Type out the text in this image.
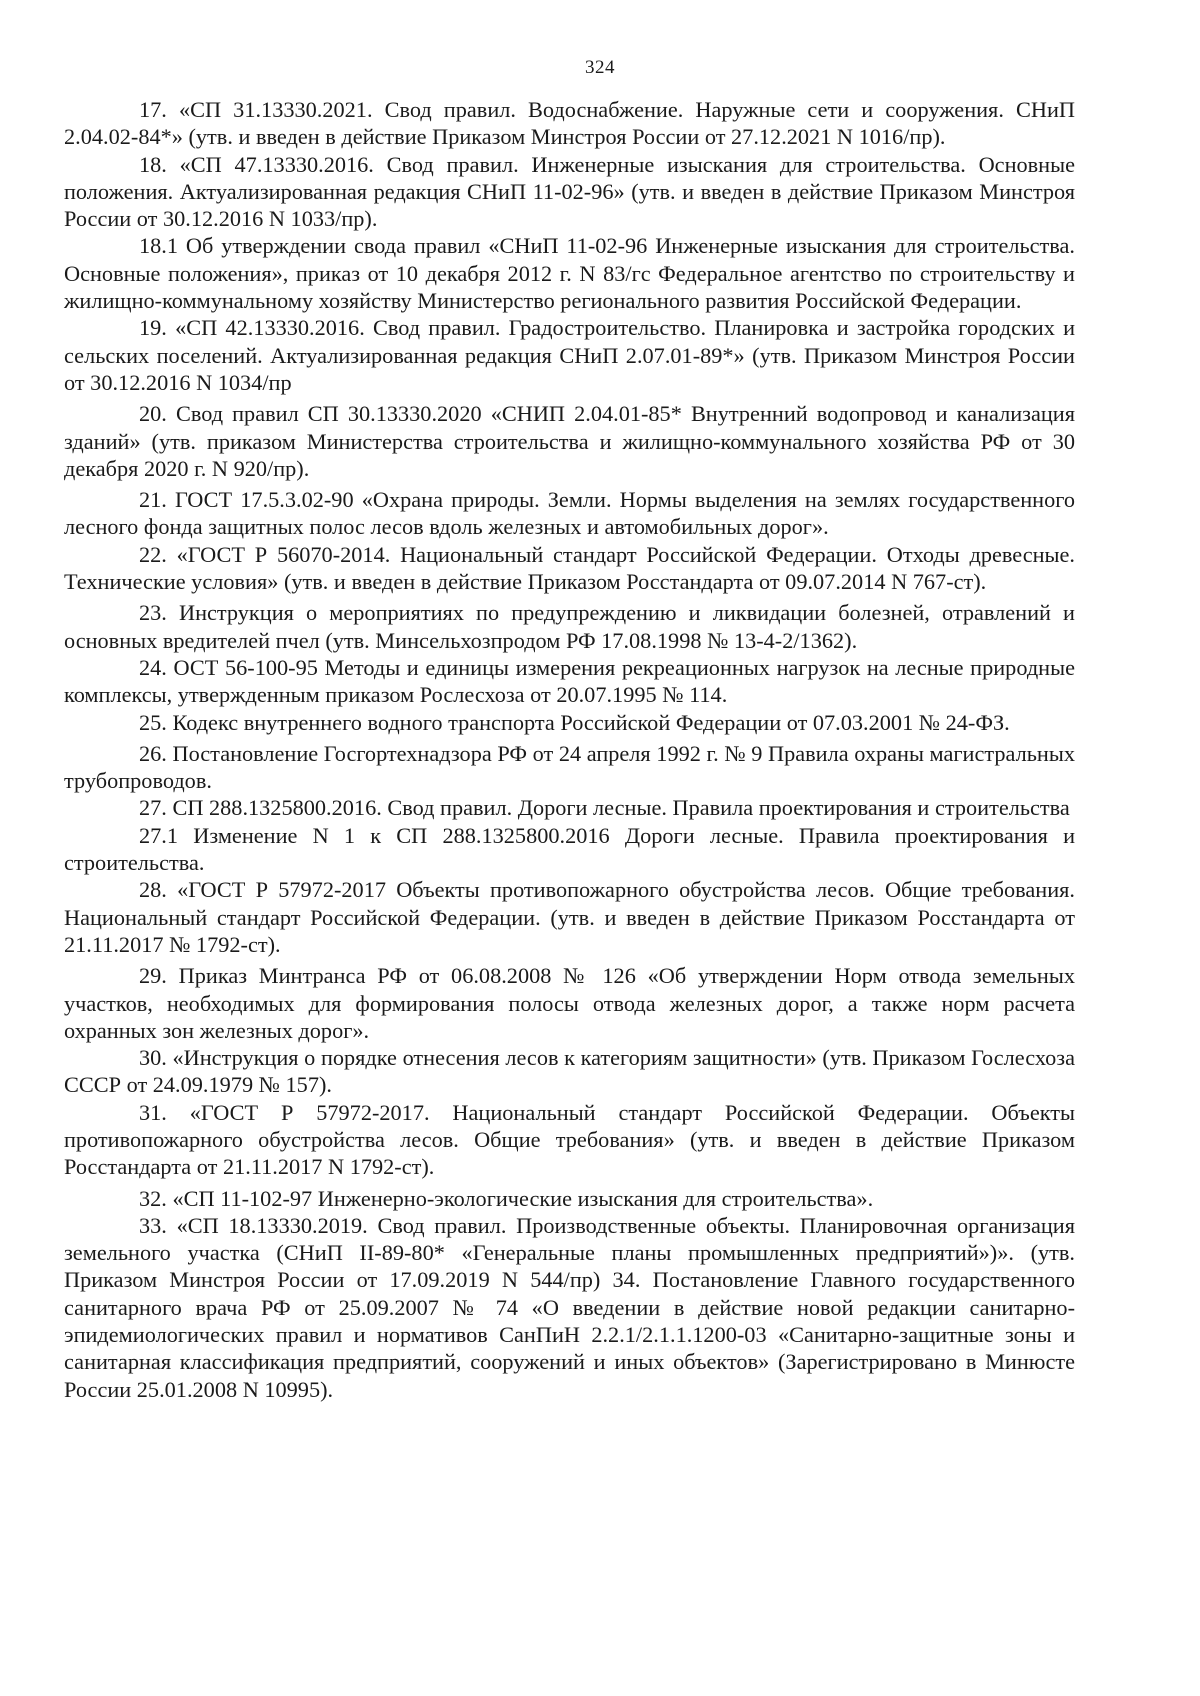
324

17. «СП 31.13330.2021. Свод правил. Водоснабжение. Наружные сети и сооружения. СНиП 2.04.02-84*» (утв. и введен в действие Приказом Минстроя России от 27.12.2021 N 1016/пр).

18. «СП 47.13330.2016. Свод правил. Инженерные изыскания для строительства. Основные положения. Актуализированная редакция СНиП 11-02-96» (утв. и введен в действие Приказом Минстроя России от 30.12.2016 N 1033/пр).

18.1 Об утверждении свода правил «СНиП 11-02-96 Инженерные изыскания для строительства. Основные положения», приказ от 10 декабря 2012 г. N 83/гс Федеральное агентство по строительству и жилищно-коммунальному хозяйству Министерство регионального развития Российской Федерации.

19. «СП 42.13330.2016. Свод правил. Градостроительство. Планировка и застройка городских и сельских поселений. Актуализированная редакция СНиП 2.07.01-89*» (утв. Приказом Минстроя России от 30.12.2016 N 1034/пр

20. Свод правил СП 30.13330.2020 «СНИП 2.04.01-85* Внутренний водопровод и канализация зданий» (утв. приказом Министерства строительства и жилищно-коммунального хозяйства РФ от 30 декабря 2020 г. N 920/пр).

21. ГОСТ 17.5.3.02-90 «Охрана природы. Земли. Нормы выделения на землях государственного лесного фонда защитных полос лесов вдоль железных и автомобильных дорог».

22. «ГОСТ Р 56070-2014. Национальный стандарт Российской Федерации. Отходы древесные. Технические условия» (утв. и введен в действие Приказом Росстандарта от 09.07.2014 N 767-ст).

23. Инструкция о мероприятиях по предупреждению и ликвидации болезней, отравлений и основных вредителей пчел (утв. Минсельхозпродом РФ 17.08.1998 № 13-4-2/1362).

24. ОСТ 56-100-95 Методы и единицы измерения рекреационных нагрузок на лесные природные комплексы, утвержденным приказом Рослесхоза от 20.07.1995 № 114.

25. Кодекс внутреннего водного транспорта Российской Федерации от 07.03.2001 № 24-ФЗ.

26. Постановление Госгортехнадзора РФ от 24 апреля 1992 г. № 9 Правила охраны магистральных трубопроводов.

27. СП 288.1325800.2016. Свод правил. Дороги лесные. Правила проектирования и строительства

27.1 Изменение N 1 к СП 288.1325800.2016 Дороги лесные. Правила проектирования и строительства.

28. «ГОСТ Р 57972-2017 Объекты противопожарного обустройства лесов. Общие требования. Национальный стандарт Российской Федерации. (утв. и введен в действие Приказом Росстандарта от 21.11.2017 № 1792-ст).

29. Приказ Минтранса РФ от 06.08.2008 № 126 «Об утверждении Норм отвода земельных участков, необходимых для формирования полосы отвода железных дорог, а также норм расчета охранных зон железных дорог».

30. «Инструкция о порядке отнесения лесов к категориям защитности» (утв. Приказом Гослесхоза СССР от 24.09.1979 № 157).

31. «ГОСТ Р 57972-2017. Национальный стандарт Российской Федерации. Объекты противопожарного обустройства лесов. Общие требования» (утв. и введен в действие Приказом Росстандарта от 21.11.2017 N 1792-ст).

32. «СП 11-102-97 Инженерно-экологические изыскания для строительства».

33. «СП 18.13330.2019. Свод правил. Производственные объекты. Планировочная организация земельного участка (СНиП II-89-80* «Генеральные планы промышленных предприятий»)». (утв. Приказом Минстроя России от 17.09.2019 N 544/пр) 34. Постановление Главного государственного санитарного врача РФ от 25.09.2007 № 74 «О введении в действие новой редакции санитарно-эпидемиологических правил и нормативов СанПиН 2.2.1/2.1.1.1200-03 «Санитарно-защитные зоны и санитарная классификация предприятий, сооружений и иных объектов» (Зарегистрировано в Минюсте России 25.01.2008 N 10995).
